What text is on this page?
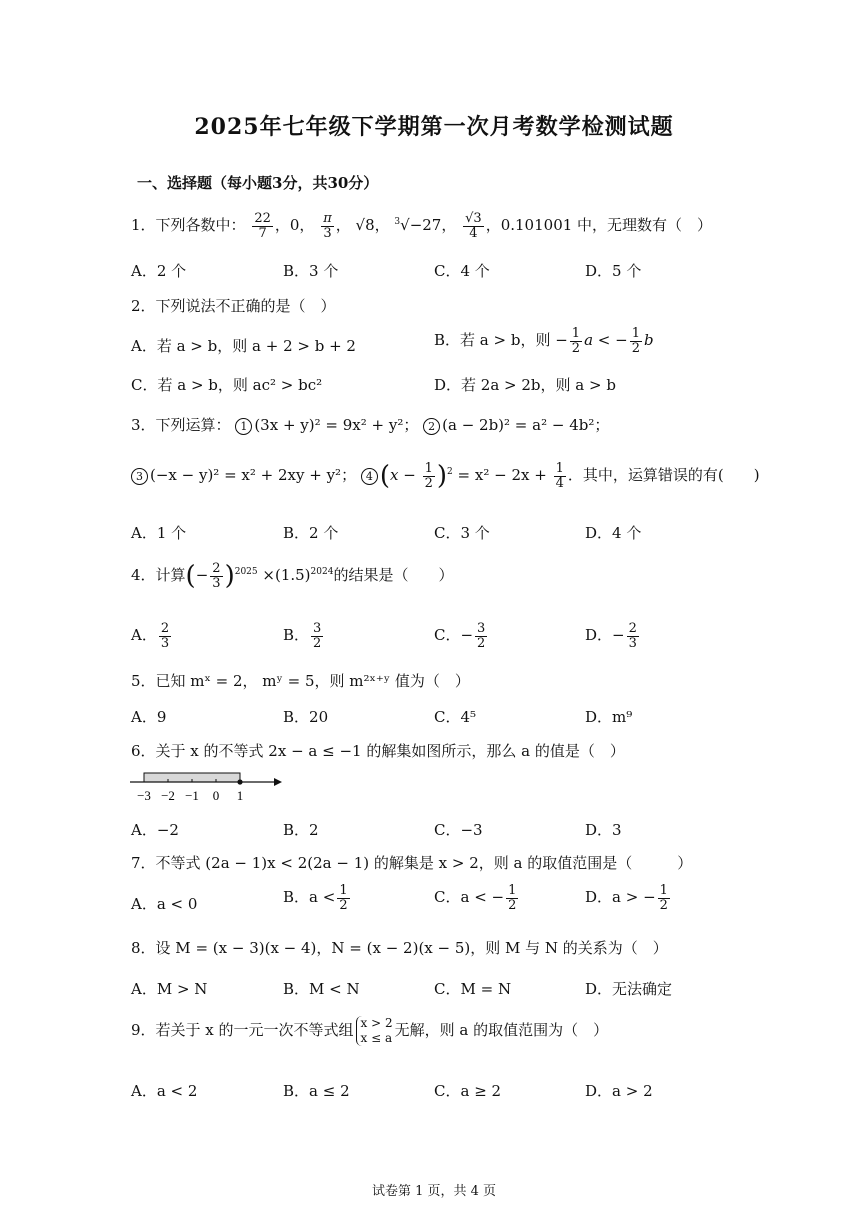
2025年七年级下学期第一次月考数学检测试题
一、选择题（每小题3分，共30分）
1．下列各数中： $\frac{22}{7}$ ，0， $\frac{\pi}{3}$ ， √8， $^3$√−27， $\frac{√3}{4}$ ，0.101001 中，无理数有（　）
A．2 个	B．3 个	C．4 个	D．5 个
2．下列说法不正确的是（　）
A．若 a > b，则 a + 2 > b + 2	B．若 a > b，则 − $\frac{1}{2}$ a < − $\frac{1}{2}$ b
C．若 a > b，则 ac² > bc²	D．若 2a > 2b，则 a > b
3．下列运算： 1 (3x + y)² = 9x² + y²； 2 (a − 2b)² = a² − 4b²；
3 (−x − y)² = x² + 2xy + y²； 4 $(x - \frac{1}{2} )^2 = x^2 - 2x + \frac{1}{4}$ ．其中，运算错误的有(　　)
A．1 个	B．2 个	C．3 个	D．4 个
4．计算(− $\frac{2}{3} )^{2025} \times(1.5)^{2024}$的结果是（　　）
A． $\frac{2}{3}$	B． $\frac{3}{2}$	C．− $\frac{3}{2}$	D．− $\frac{2}{3}$
5．已知 mˣ = 2， mʸ = 5，则 m²ˣ⁺ʸ 值为（　）
A．9	B．20	C．4⁵	D．m⁹
6．关于 x 的不等式 2x − a ≤ −1 的解集如图所示，那么 a 的值是（　）
−3 −2 −1 0 1
A．−2	B．2	C．−3	D．3
7．不等式 (2a − 1)x < 2(2a − 1) 的解集是 x > 2，则 a 的取值范围是（　　　）
A．a < 0	B．$a < \frac{1}{2}$	C．a < − $\frac{1}{2}$	D．a > − $\frac{1}{2}$
8．设 M = (x − 3)(x − 4)，N = (x − 2)(x − 5)，则 M 与 N 的关系为（　）
A．M > N	B．M < N	C．M = N	D．无法确定
9．若关于 x 的一元一次不等式组 x > 2
x ≤ a 无解，则 a 的取值范围为（　）
A．a < 2	B．a ≤ 2	C．a ≥ 2	D．a > 2
试卷第 1 页，共 4 页
